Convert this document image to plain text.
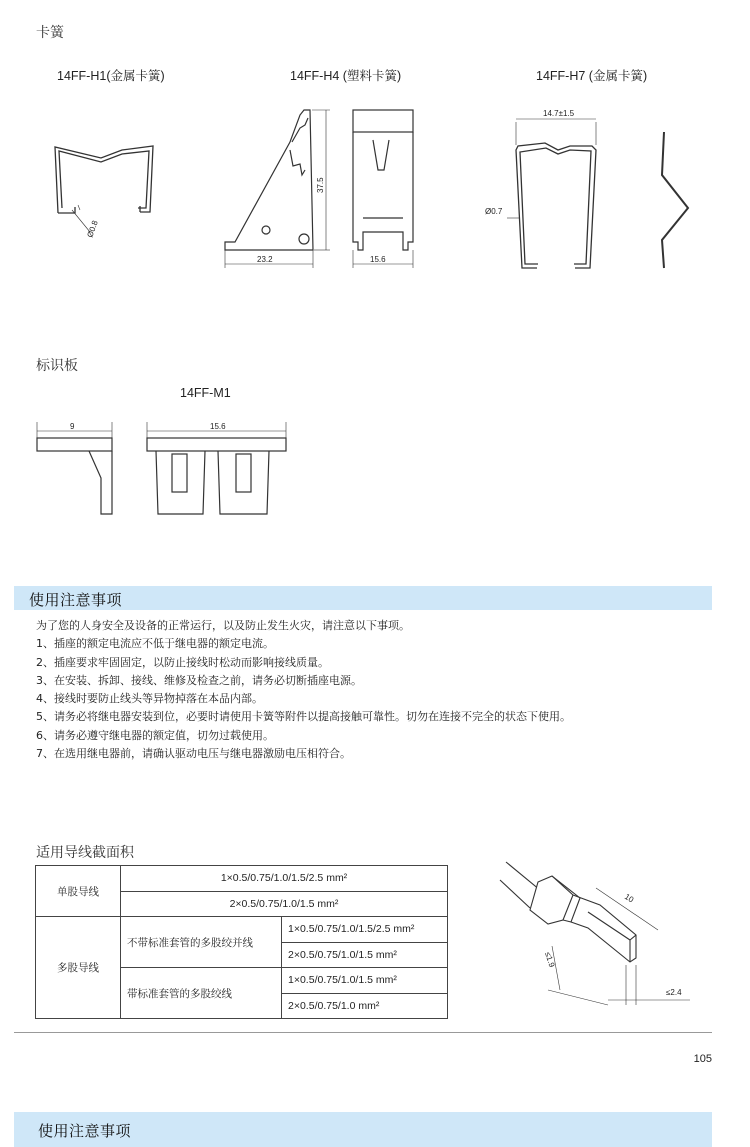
卡簧
14FF-H1(金属卡簧)	14FF-H4 (塑料卡簧)	14FF-H7 (金属卡簧)
Ø0.8
23.2
37.5
15.6
14.7±1.5
Ø0.7
标识板
14FF-M1
9	15.6
使用注意事项
为了您的人身安全及设备的正常运行，以及防止发生火灾，请注意以下事项。
1、插座的额定电流应不低于继电器的额定电流。
2、插座要求牢固固定，以防止接线时松动而影响接线质量。
3、在安装、拆卸、接线、维修及检查之前，请务必切断插座电源。
4、接线时要防止线头等异物掉落在本品内部。
5、请务必将继电器安装到位，必要时请使用卡簧等附件以提高接触可靠性。切勿在连接不完全的状态下使用。
6、请务必遵守继电器的额定值，切勿过载使用。
7、在选用继电器前，请确认驱动电压与继电器激励电压相符合。
适用导线截面积
单股导线	1×0.5/0.75/1.0/1.5/2.5 mm²	
	2×0.5/0.75/1.0/1.5 mm²	
多股导线	不带标准套管的多股绞并线	1×0.5/0.75/1.0/1.5/2.5 mm²
		2×0.5/0.75/1.0/1.5 mm²
	带标准套管的多股绞线	1×0.5/0.75/1.0/1.5 mm²
		2×0.5/0.75/1.0 mm²
10
≤1.9
≤2.4
105
使用注意事项
